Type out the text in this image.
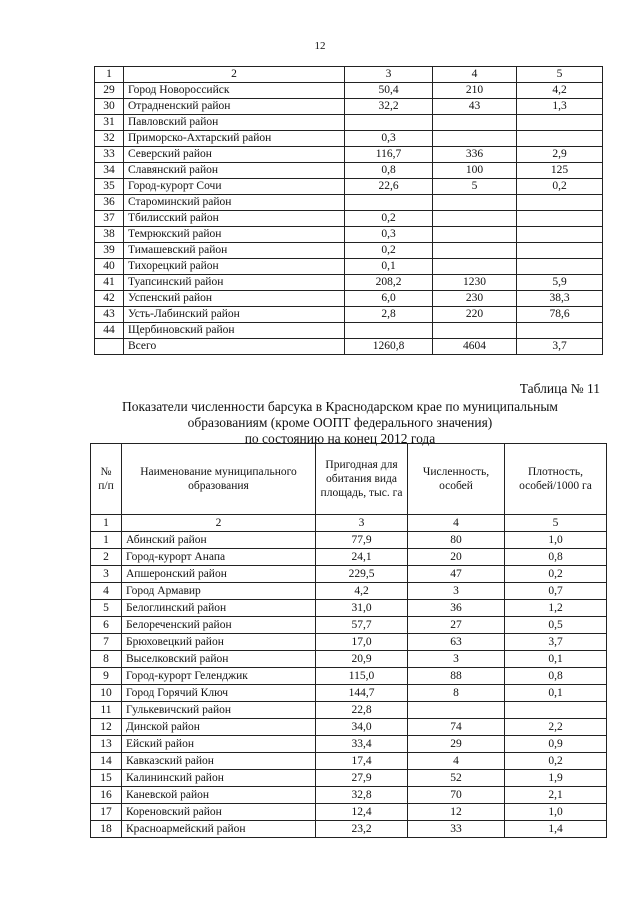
12
1	2	3	4	5
29	Город Новороссийск	50,4	210	4,2
30	Отрадненский район	32,2	43	1,3
31	Павловский район			
32	Приморско-Ахтарский район	0,3		
33	Северский район	116,7	336	2,9
34	Славянский район	0,8	100	125
35	Город-курорт Сочи	22,6	5	0,2
36	Староминский район			
37	Тбилисский район	0,2		
38	Темрюкский район	0,3		
39	Тимашевский район	0,2		
40	Тихорецкий район	0,1		
41	Туапсинский район	208,2	1230	5,9
42	Успенский район	6,0	230	38,3
43	Усть-Лабинский район	2,8	220	78,6
44	Щербиновский район			
	Всего	1260,8	4604	3,7
Таблица № 11
Показатели численности барсука в Краснодарском крае по муниципальным
образованиям (кроме ООПТ федерального значения)
по состоянию на конец 2012 года
№ п/п	Наименование муниципального образования	Пригодная для обитания вида площадь, тыс. га	Численность, особей	Плотность, особей/1000 га
1	2	3	4	5
1	Абинский район	77,9	80	1,0
2	Город-курорт Анапа	24,1	20	0,8
3	Апшеронский район	229,5	47	0,2
4	Город Армавир	4,2	3	0,7
5	Белоглинский район	31,0	36	1,2
6	Белореченский район	57,7	27	0,5
7	Брюховецкий район	17,0	63	3,7
8	Выселковский район	20,9	3	0,1
9	Город-курорт Геленджик	115,0	88	0,8
10	Город Горячий Ключ	144,7	8	0,1
11	Гулькевичский район	22,8		
12	Динской район	34,0	74	2,2
13	Ейский район	33,4	29	0,9
14	Кавказский район	17,4	4	0,2
15	Калининский район	27,9	52	1,9
16	Каневской район	32,8	70	2,1
17	Кореновский район	12,4	12	1,0
18	Красноармейский район	23,2	33	1,4
